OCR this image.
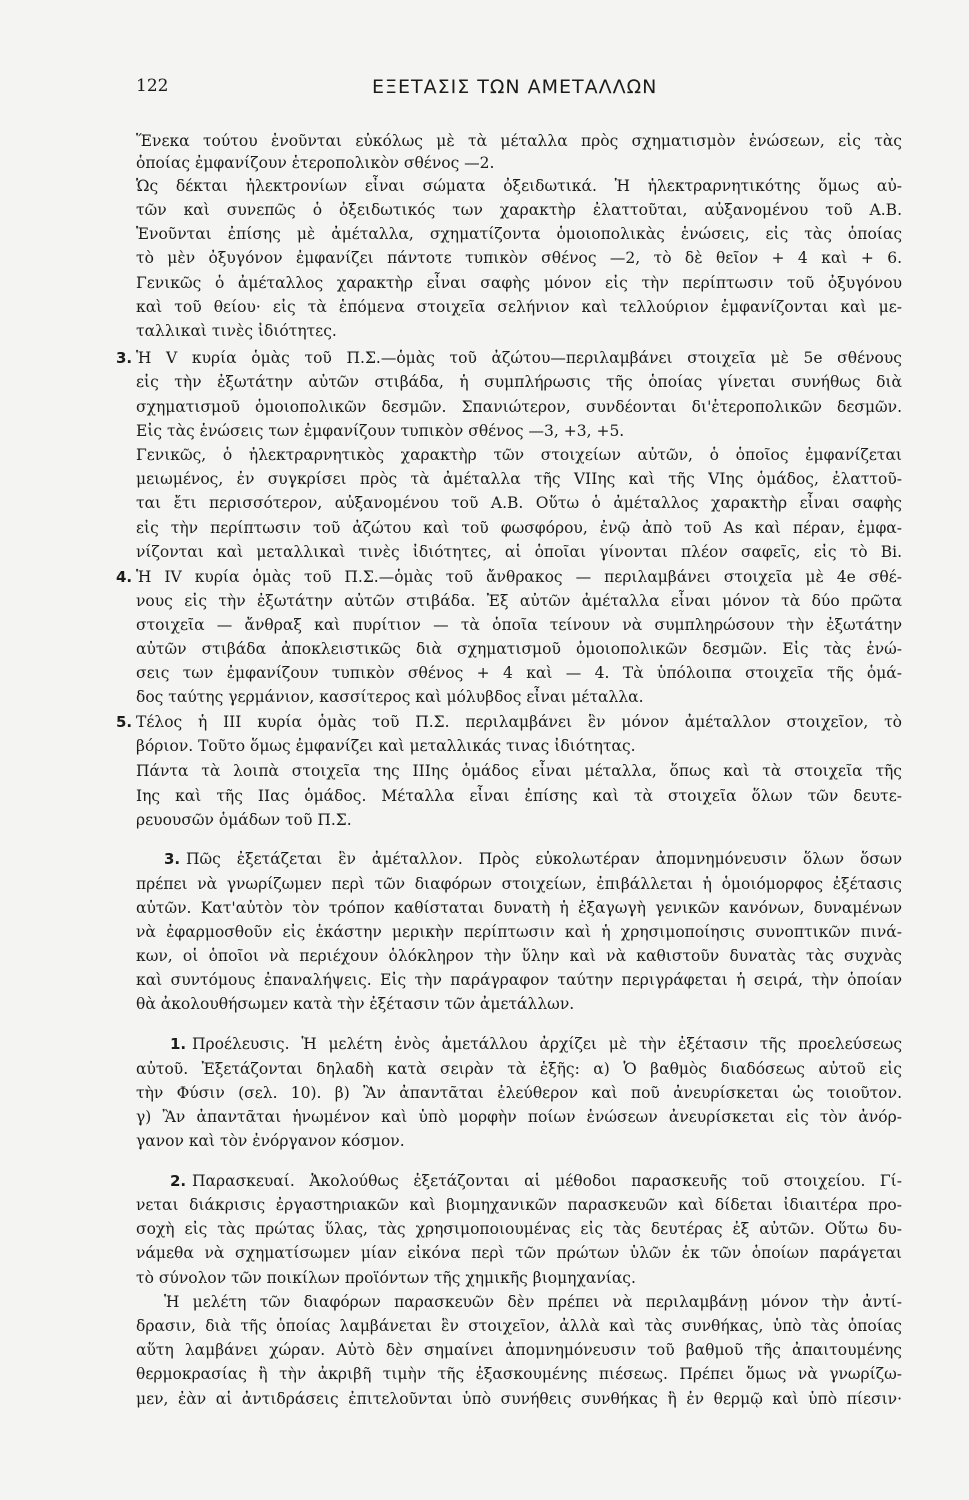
122	ΕΞΕΤΑΣΙΣ ΤΩΝ ΑΜΕΤΑΛΛΩΝ
Ἕνεκα τούτου ἑνοῦνται εὐκόλως μὲ τὰ μέταλλα πρὸς σχηματισμὸν ἑνώσεων, εἰς τὰς
ὁποίας ἐμφανίζουν ἑτεροπολικὸν σθένος —2.
Ὡς δέκται ἠλεκτρονίων εἶναι σώματα ὀξειδωτικά. Ἡ ἠλεκτραρνητικότης ὅμως αὐ-
τῶν καὶ συνεπῶς ὁ ὀξειδωτικός των χαρακτὴρ ἐλαττοῦται, αὐξανομένου τοῦ Α.Β.
Ἑνοῦνται ἐπίσης μὲ ἀμέταλλα, σχηματίζοντα ὁμοιοπολικὰς ἑνώσεις, εἰς τὰς ὁποίας
τὸ μὲν ὀξυγόνον ἐμφανίζει πάντοτε τυπικὸν σθένος —2, τὸ δὲ θεῖον + 4 καὶ + 6.
Γενικῶς ὁ ἀμέταλλος χαρακτὴρ εἶναι σαφὴς μόνον εἰς τὴν περίπτωσιν τοῦ ὀξυγόνου
καὶ τοῦ θείου· εἰς τὰ ἑπόμενα στοιχεῖα σελήνιον καὶ τελλούριον ἐμφανίζονται καὶ με-
ταλλικαὶ τινὲς ἰδιότητες.
3. Ἡ V κυρία ὁμὰς τοῦ Π.Σ.—ὁμὰς τοῦ ἀζώτου—περιλαμβάνει στοιχεῖα μὲ 5e σθένους
εἰς τὴν ἐξωτάτην αὐτῶν στιβάδα, ἡ συμπλήρωσις τῆς ὁποίας γίνεται συνήθως διὰ
σχηματισμοῦ ὁμοιοπολικῶν δεσμῶν. Σπανιώτερον, συνδέονται δι'ἑτεροπολικῶν δεσμῶν.
Εἰς τὰς ἑνώσεις των ἐμφανίζουν τυπικὸν σθένος —3, +3, +5.
Γενικῶς, ὁ ἠλεκτραρνητικὸς χαρακτὴρ τῶν στοιχείων αὐτῶν, ὁ ὁποῖος ἐμφανίζεται
μειωμένος, ἐν συγκρίσει πρὸς τὰ ἀμέταλλα τῆς VIIης καὶ τῆς VIης ὁμάδος, ἐλαττοῦ-
ται ἔτι περισσότερον, αὐξανομένου τοῦ Α.Β. Οὕτω ὁ ἀμέταλλος χαρακτὴρ εἶναι σαφὴς
εἰς τὴν περίπτωσιν τοῦ ἀζώτου καὶ τοῦ φωσφόρου, ἐνῷ ἀπὸ τοῦ As καὶ πέραν, ἐμφα-
νίζονται καὶ μεταλλικαὶ τινὲς ἰδιότητες, αἱ ὁποῖαι γίνονται πλέον σαφεῖς, εἰς τὸ Bi.
4. Ἡ IV κυρία ὁμὰς τοῦ Π.Σ.—ὁμὰς τοῦ ἄνθρακος — περιλαμβάνει στοιχεῖα μὲ 4e σθέ-
νους εἰς τὴν ἐξωτάτην αὐτῶν στιβάδα. Ἐξ αὐτῶν ἀμέταλλα εἶναι μόνον τὰ δύο πρῶτα
στοιχεῖα — ἄνθραξ καὶ πυρίτιον — τὰ ὁποῖα τείνουν νὰ συμπληρώσουν τὴν ἐξωτάτην
αὐτῶν στιβάδα ἀποκλειστικῶς διὰ σχηματισμοῦ ὁμοιοπολικῶν δεσμῶν. Εἰς τὰς ἑνώ-
σεις των ἐμφανίζουν τυπικὸν σθένος + 4 καὶ — 4. Τὰ ὑπόλοιπα στοιχεῖα τῆς ὁμά-
δος ταύτης γερμάνιον, κασσίτερος καὶ μόλυβδος εἶναι μέταλλα.
5. Τέλος ἡ III κυρία ὁμὰς τοῦ Π.Σ. περιλαμβάνει ἓν μόνον ἀμέταλλον στοιχεῖον, τὸ
βόριον. Τοῦτο ὅμως ἐμφανίζει καὶ μεταλλικάς τινας ἰδιότητας.
Πάντα τὰ λοιπὰ στοιχεῖα της ΙΙΙης ὁμάδος εἶναι μέταλλα, ὅπως καὶ τὰ στοιχεῖα τῆς
Ιης καὶ τῆς ΙΙας ὁμάδος. Μέταλλα εἶναι ἐπίσης καὶ τὰ στοιχεῖα ὅλων τῶν δευτε-
ρευουσῶν ὁμάδων τοῦ Π.Σ.
3. Πῶς ἐξετάζεται ἓν ἀμέταλλον. Πρὸς εὐκολωτέραν ἀπομνημόνευσιν ὅλων ὅσων
πρέπει νὰ γνωρίζωμεν περὶ τῶν διαφόρων στοιχείων, ἐπιβάλλεται ἡ ὁμοιόμορφος ἐξέτασις
αὐτῶν. Κατ'αὐτὸν τὸν τρόπον καθίσταται δυνατὴ ἡ ἐξαγωγὴ γενικῶν κανόνων, δυναμένων
νὰ ἐφαρμοσθοῦν εἰς ἑκάστην μερικὴν περίπτωσιν καὶ ἡ χρησιμοποίησις συνοπτικῶν πινά-
κων, οἱ ὁποῖοι νὰ περιέχουν ὁλόκληρον τὴν ὕλην καὶ νὰ καθιστοῦν δυνατὰς τὰς συχνὰς
καὶ συντόμους ἐπαναλήψεις. Εἰς τὴν παράγραφον ταύτην περιγράφεται ἡ σειρά, τὴν ὁποίαν
θὰ ἀκολουθήσωμεν κατὰ τὴν ἐξέτασιν τῶν ἀμετάλλων.
1. Προέλευσις. Ἡ μελέτη ἑνὸς ἀμετάλλου ἀρχίζει μὲ τὴν ἐξέτασιν τῆς προελεύσεως
αὐτοῦ. Ἐξετάζονται δηλαδὴ κατὰ σειρὰν τὰ ἑξῆς: α) Ὁ βαθμὸς διαδόσεως αὐτοῦ εἰς
τὴν Φύσιν (σελ. 10). β) Ἂν ἀπαντᾶται ἐλεύθερον καὶ ποῦ ἀνευρίσκεται ὡς τοιοῦτον.
γ) Ἂν ἀπαντᾶται ἡνωμένον καὶ ὑπὸ μορφὴν ποίων ἑνώσεων ἀνευρίσκεται εἰς τὸν ἀνόρ-
γανον καὶ τὸν ἐνόργανον κόσμον.
2. Παρασκευαί. Ἀκολούθως ἐξετάζονται αἱ μέθοδοι παρασκευῆς τοῦ στοιχείου. Γί-
νεται διάκρισις ἐργαστηριακῶν καὶ βιομηχανικῶν παρασκευῶν καὶ δίδεται ἰδιαιτέρα προ-
σοχὴ εἰς τὰς πρώτας ὕλας, τὰς χρησιμοποιουμένας εἰς τὰς δευτέρας ἐξ αὐτῶν. Οὕτω δυ-
νάμεθα νὰ σχηματίσωμεν μίαν εἰκόνα περὶ τῶν πρώτων ὑλῶν ἐκ τῶν ὁποίων παράγεται
τὸ σύνολον τῶν ποικίλων προϊόντων τῆς χημικῆς βιομηχανίας.
Ἡ μελέτη τῶν διαφόρων παρασκευῶν δὲν πρέπει νὰ περιλαμβάνῃ μόνον τὴν ἀντί-
δρασιν, διὰ τῆς ὁποίας λαμβάνεται ἓν στοιχεῖον, ἀλλὰ καὶ τὰς συνθήκας, ὑπὸ τὰς ὁποίας
αὕτη λαμβάνει χώραν. Αὐτὸ δὲν σημαίνει ἀπομνημόνευσιν τοῦ βαθμοῦ τῆς ἀπαιτουμένης
θερμοκρασίας ἢ τὴν ἀκριβῆ τιμὴν τῆς ἐξασκουμένης πιέσεως. Πρέπει ὅμως νὰ γνωρίζω-
μεν, ἐὰν αἱ ἀντιδράσεις ἐπιτελοῦνται ὑπὸ συνήθεις συνθήκας ἢ ἐν θερμῷ καὶ ὑπὸ πίεσιν·
